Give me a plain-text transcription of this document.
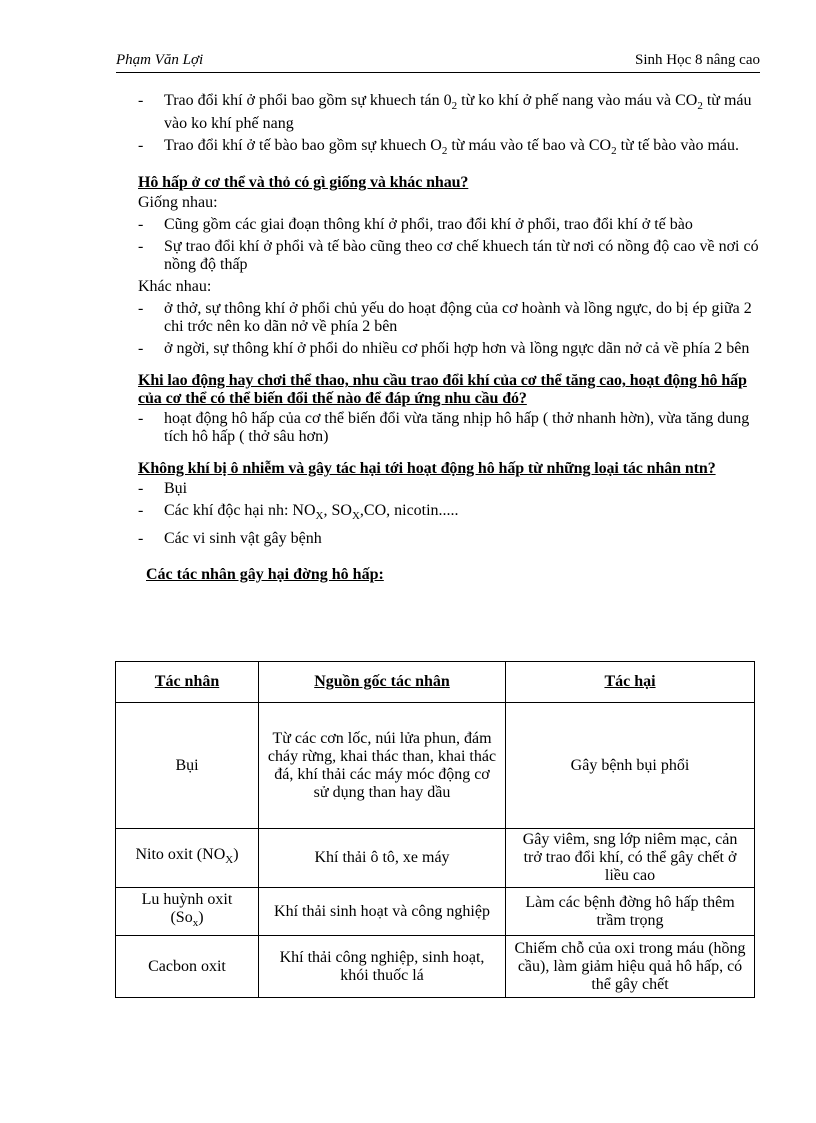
Phạm Văn Lợi	Sinh Học 8 nâng cao
- Trao đổi khí ở phổi bao gồm sự khuech tán $0_2$ từ ko khí ở phế nang vào máu và $CO_2$ từ máu vào ko khí phế nang
- Trao đổi khí ở tế bào bao gồm sự khuech $O_2$ từ máu vào tế bao và $CO_2$ từ tế bào vào máu.
Hô hấp ở cơ thể và thỏ có gì giống và khác nhau?
Giống nhau:
- Cũng gồm các giai đoạn thông khí ở phổi, trao đổi khí ở phổi, trao đổi khí ở tế bào
- Sự trao đổi khí ở phổi và tế bào cũng theo cơ chế khuech tán từ nơi có nồng độ cao về nơi có nồng độ thấp
Khác nhau:
- ở thở, sự thông khí ở phổi chủ yếu do hoạt động của cơ hoành và lồng ngực, do bị ép giữa 2 chi trớc nên ko dãn nở về phía 2 bên
- ở ngời, sự thông khí ở phổi do nhiều cơ phối hợp hơn và lồng ngực dãn nở cả về phía 2 bên
Khi lao động hay chơi thể thao, nhu cầu trao đổi khí của cơ thể tăng cao, hoạt động hô hấp của cơ thể có thể biến đổi thế nào để đáp ứng nhu cầu đó?
- hoạt động hô hấp của cơ thể biến đổi vừa tăng nhịp hô hấp ( thở nhanh hờn), vừa tăng dung tích hô hấp ( thở sâu hơn)
Không khí bị ô nhiễm và gây tác hại tới hoạt động hô hấp từ những loại tác nhân ntn?
- Bụi
- Các khí độc hại nh: $NO_X$, $SO_X,CO$, nicotin.....
- Các vi sinh vật gây bệnh
Các tác nhân gây hại đờng hô hấp:
Tác nhân	Nguồn gốc tác nhân	Tác hại
Bụi	Từ các cơn lốc, núi lửa phun, đám cháy rừng, khai thác than, khai thác đá, khí thải các máy móc động cơ sử dụng than hay dầu	Gây bệnh bụi phổi
Nito oxit $(NO_X)$	Khí thải ô tô, xe máy	Gây viêm, sng lớp niêm mạc, cản trở trao đổi khí, có thể gây chết ở liều cao
Lu huỳnh oxit $(So_x)$	Khí thải sinh hoạt và công nghiệp	Làm các bệnh đờng hô hấp thêm trầm trọng
Cacbon oxit	Khí thải công nghiệp, sinh hoạt, khói thuốc lá	Chiếm chỗ của oxi trong máu (hồng cầu), làm giảm hiệu quả hô hấp, có thể gây chết
